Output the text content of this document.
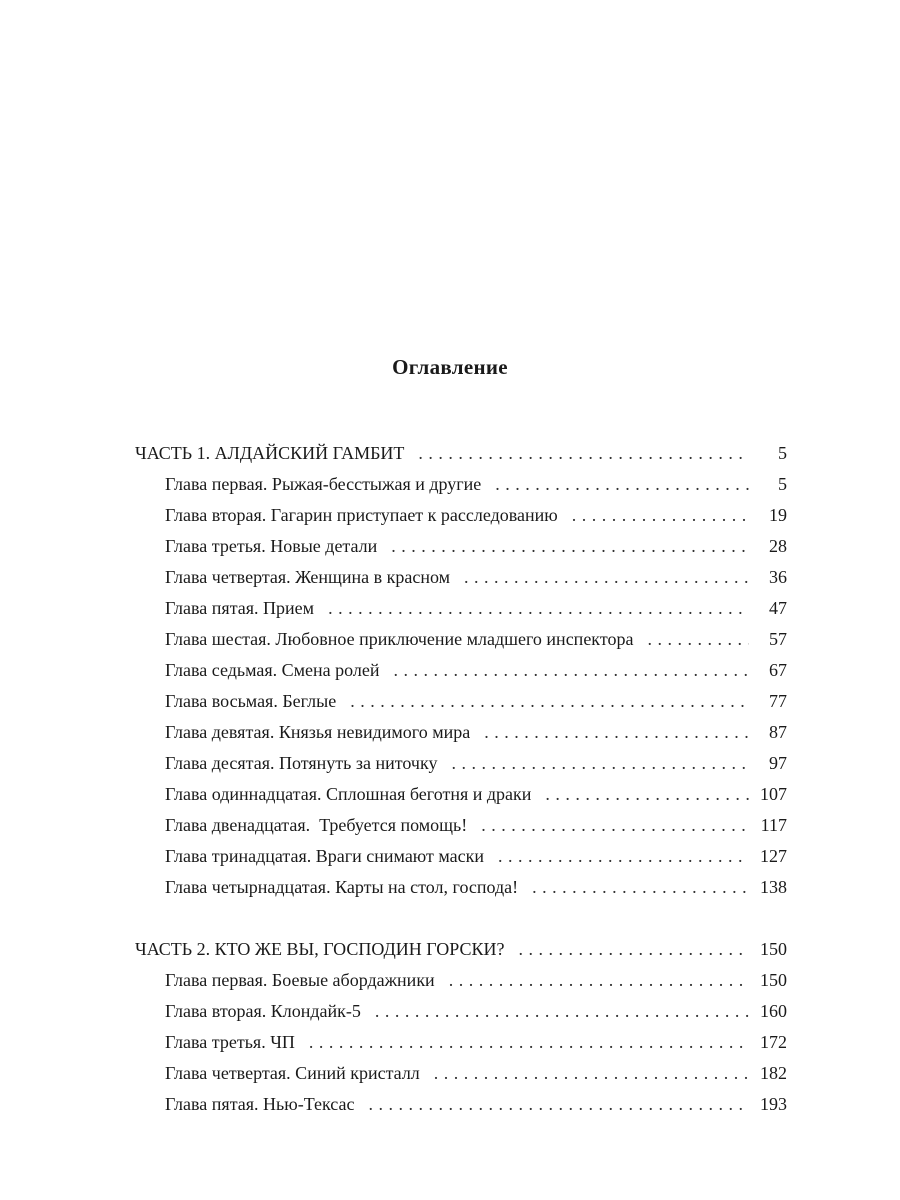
Оглавление
ЧАСТЬ 1. АЛДАЙСКИЙ ГАМБИТ . . .	5
Глава первая. Рыжая-бесстыжая и другие . . .	5
Глава вторая. Гагарин приступает к расследованию . . .	19
Глава третья. Новые детали . . .	28
Глава четвертая. Женщина в красном . . .	36
Глава пятая. Прием . . .	47
Глава шестая. Любовное приключение младшего инспектора . . .	57
Глава седьмая. Смена ролей . . .	67
Глава восьмая. Беглые . . .	77
Глава девятая. Князья невидимого мира . . .	87
Глава десятая. Потянуть за ниточку . . .	97
Глава одиннадцатая. Сплошная беготня и драки . . .	107
Глава двенадцатая.  Требуется помощь! . . .	117
Глава тринадцатая. Враги снимают маски . . .	127
Глава четырнадцатая. Карты на стол, господа! . . .	138
ЧАСТЬ 2. КТО ЖЕ ВЫ, ГОСПОДИН ГОРСКИ? . . .	150
Глава первая. Боевые абордажники . . .	150
Глава вторая. Клондайк-5 . . .	160
Глава третья. ЧП . . .	172
Глава четвертая. Синий кристалл . . .	182
Глава пятая. Нью-Тексас . . .	193
